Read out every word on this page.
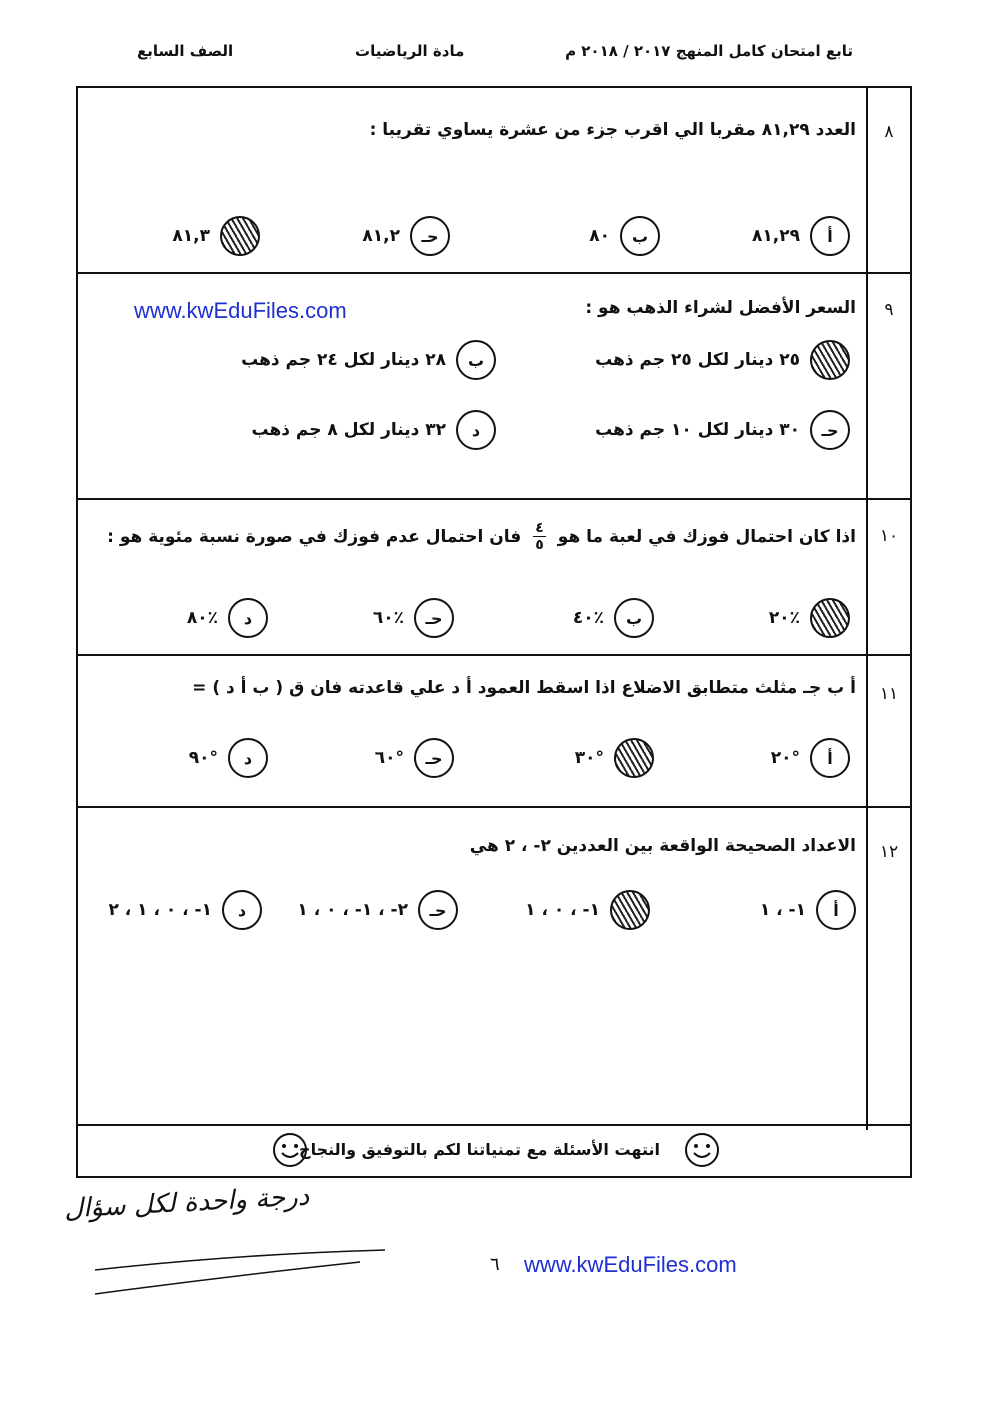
تابع امتحان كامل المنهج ٢٠١٧ / ٢٠١٨ م
مادة الرياضيات
الصف السابع
٨
العدد ٨١,٢٩ مقربا الي اقرب جزء من عشرة يساوي تقريبا :
أ
٨١,٢٩
ب
٨٠
حـ
٨١,٢
٨١,٣
٩
السعر الأفضل لشراء الذهب هو :
٢٥ دينار لكل ٢٥ جم ذهب
ب
٢٨ دينار لكل ٢٤ جم ذهب
حـ
٣٠ دينار لكل ١٠ جم ذهب
د
٣٢ دينار لكل ٨ جم ذهب
١٠
اذا كان احتمال فوزك في لعبة ما هو
$\frac{٤}{٥}$
فان احتمال عدم فوزك في صورة نسبة مئوية هو :
٪٢٠
ب
٪٤٠
حـ
٪٦٠
د
٪٨٠
١١
أ ب جـ مثلث متطابق الاضلاع اذا اسقط العمود أ د علي قاعدته فان ق ( ب أ د ) =
أ
°٢٠
°٣٠
حـ
°٦٠
د
°٩٠
١٢
الاعداد الصحيحة الواقعة بين العددين ٢- ، ٢ هي
أ
١- ، ١
١- ، ٠ ، ١
حـ
٢- ، ١- ، ٠ ، ١
د
١- ، ٠ ، ١ ، ٢
انتهت الأسئلة مع تمنياتنا لكم بالتوفيق والنجاح
www.kwEduFiles.com
www.kwEduFiles.com
درجة واحدة لكل سؤال
٦
